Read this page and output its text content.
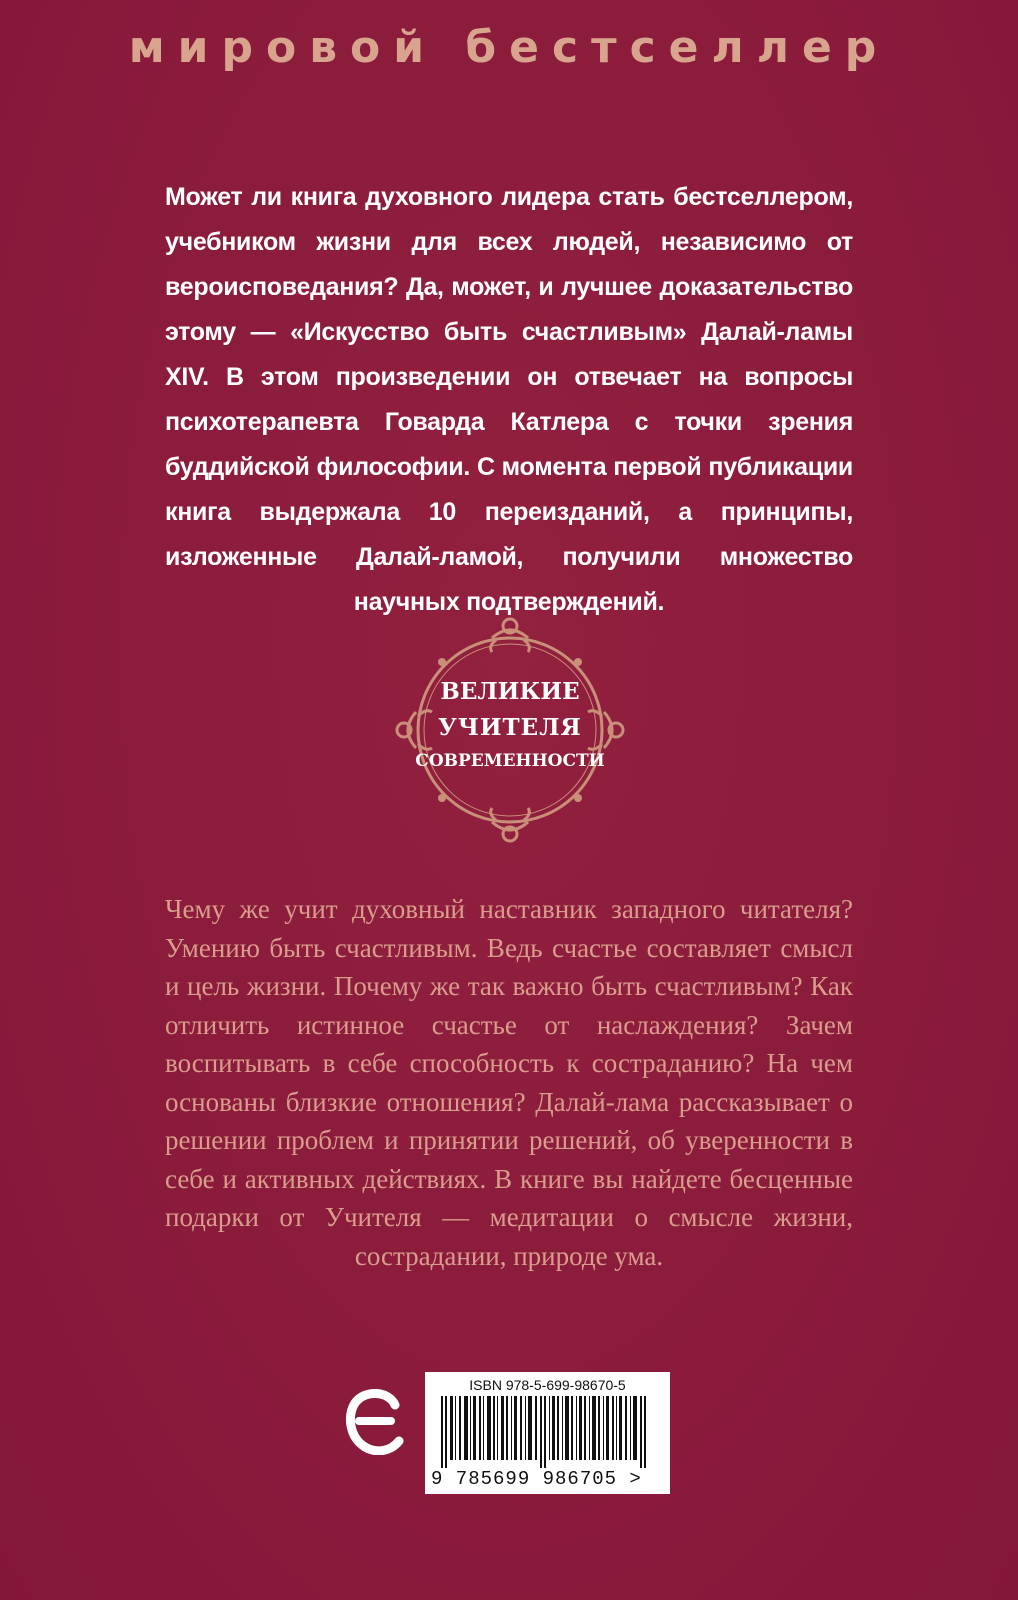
мировой бестселлер

Может ли книга духовного лидера стать бестселлером, учебником жизни для всех людей, независимо от вероисповедания? Да, может, и лучшее доказательство этому — «Искусство быть счастливым» Далай-ламы XIV. В этом произведении он отвечает на вопросы психотерапевта Говарда Катлера с точки зрения буддийской философии. С момента первой публикации книга выдержала 10 переизданий, а принципы, изложенные Далай-ламой, получили множество научных подтверждений.

ВЕЛИКИЕ
УЧИТЕЛЯ
СОВРЕМЕННОСТИ

Чему же учит духовный наставник западного читателя? Умению быть счастливым. Ведь счастье составляет смысл и цель жизни. Почему же так важно быть счастливым? Как отличить истинное счастье от наслаждения? Зачем воспитывать в себе способность к состраданию? На чем основаны близкие отношения? Далай-лама рассказывает о решении проблем и принятии решений, об уверенности в себе и активных действиях. В книге вы найдете бесценные подарки от Учителя — медитации о смысле жизни, сострадании, природе ума.

ISBN 978-5-699-98670-5
9 785699 986705 >
